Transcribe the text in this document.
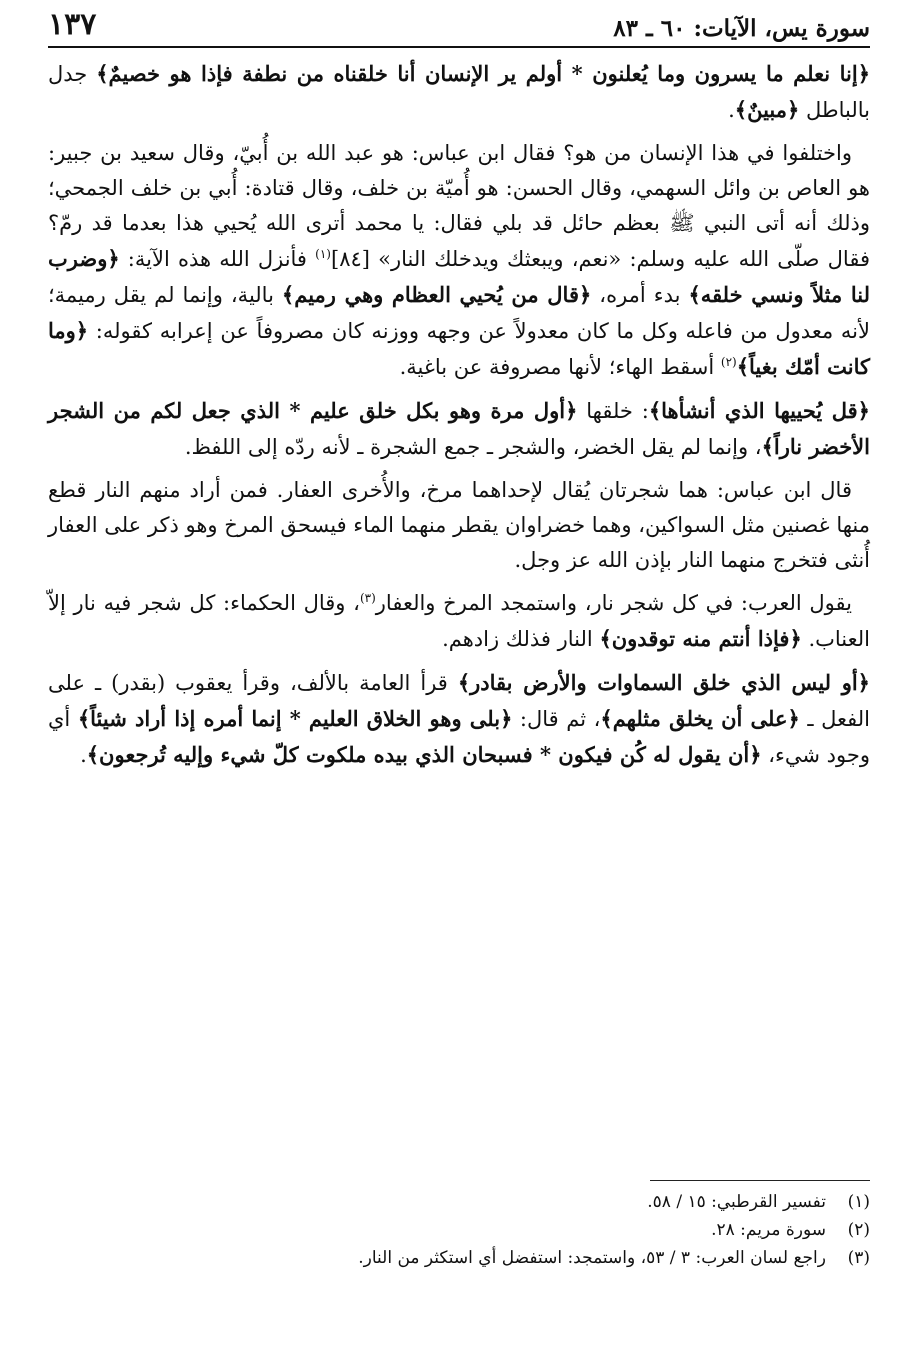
سورة يس، الآيات: ٦٠ ـ ٨٣
١٣٧

﴿إنا نعلم ما يسرون وما يُعلنون * أولم ير الإنسان أنا خلقناه من نطفة فإذا هو خصيمٌ﴾ جدل بالباطل ﴿مبينٌ﴾.

واختلفوا في هذا الإنسان من هو؟ فقال ابن عباس: هو عبد الله بن أُبيّ، وقال سعيد بن جبير: هو العاص بن وائل السهمي، وقال الحسن: هو أُميّة بن خلف، وقال قتادة: أُبي بن خلف الجمحي؛ وذلك أنه أتى النبي ﷺ بعظم حائل قد بلي فقال: يا محمد أترى الله يُحيي هذا بعدما قد رمّ؟ فقال صلّى الله عليه وسلم: «نعم، ويبعثك ويدخلك النار» [٨٤]$^{(١)}$ فأنزل الله هذه الآية: ﴿وضرب لنا مثلاً ونسي خلقه﴾ بدء أمره، ﴿قال من يُحيي العظام وهي رميم﴾ بالية، وإنما لم يقل رميمة؛ لأنه معدول من فاعله وكل ما كان معدولاً عن وجهه ووزنه كان مصروفاً عن إعرابه كقوله: ﴿وما كانت أمّك بغياً﴾$^{(٢)}$ أسقط الهاء؛ لأنها مصروفة عن باغية.

﴿قل يُحييها الذي أنشأها﴾: خلقها ﴿أول مرة وهو بكل خلق عليم * الذي جعل لكم من الشجر الأخضر ناراً﴾، وإنما لم يقل الخضر، والشجر ـ جمع الشجرة ـ لأنه ردّه إلى اللفظ.

قال ابن عباس: هما شجرتان يُقال لإحداهما مرخ، والأُخرى العفار. فمن أراد منهم النار قطع منها غصنين مثل السواكين، وهما خضراوان يقطر منهما الماء فيسحق المرخ وهو ذكر على العفار أُنثى فتخرج منهما النار بإذن الله عز وجل.

يقول العرب: في كل شجر نار، واستمجد المرخ والعفار$^{(٣)}$، وقال الحكماء: كل شجر فيه نار إلاّ العناب. ﴿فإذا أنتم منه توقدون﴾ النار فذلك زادهم.

﴿أو ليس الذي خلق السماوات والأرض بقادر﴾ قرأ العامة بالألف، وقرأ يعقوب (بقدر) ـ على الفعل ـ ﴿على أن يخلق مثلهم﴾، ثم قال: ﴿بلى وهو الخلاق العليم * إنما أمره إذا أراد شيئاً﴾ أي وجود شيء، ﴿أن يقول له كُن فيكون * فسبحان الذي بيده ملكوت كلّ شيء وإليه تُرجعون﴾.

(١)
تفسير القرطبي: ١٥ / ٥٨.
(٢)
سورة مريم: ٢٨.
(٣)
راجع لسان العرب: ٣ / ٥٣، واستمجد: استفضل أي استكثر من النار.
